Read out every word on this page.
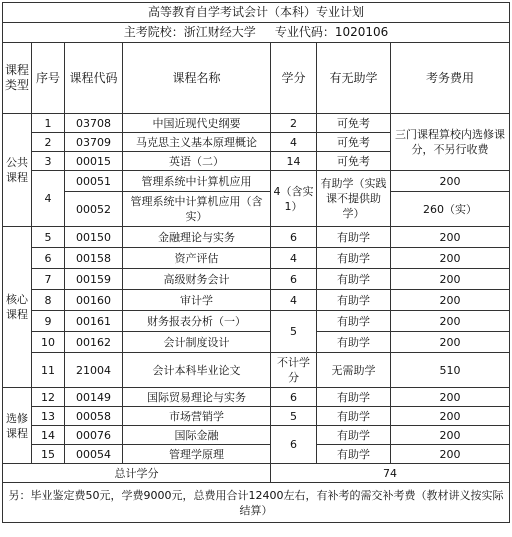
高等教育自学考试会计（本科）专业计划						
主考院校：浙江财经大学 专业代码：1020106						
课程类型	序号	课程代码	课程名称	学分	有无助学	考务费用
公共课程	1	03708	中国近现代史纲要	2	可免考	三门课程算校内选修课分，不另行收费
	2	03709	马克思主义基本原理概论	4	可免考	
	3	00015	英语（二）	14	可免考	
	4	00051	管理系统中计算机应用	4（含实1）	有助学（实践课不提供助学）	200
		00052	管理系统中计算机应用（含实）			260（实）
核心课程	5	00150	金融理论与实务	6	有助学	200
	6	00158	资产评估	4	有助学	200
	7	00159	高级财务会计	6	有助学	200
	8	00160	审计学	4	有助学	200
	9	00161	财务报表分析（一）	5	有助学	200
	10	00162	会计制度设计		有助学	200
	11	21004	会计本科毕业论文	不计学分	无需助学	510
选修课程	12	00149	国际贸易理论与实务	6	有助学	200
	13	00058	市场营销学	5	有助学	200
	14	00076	国际金融	6	有助学	200
	15	00054	管理学原理		有助学	200
总计学分				74		
另：毕业鉴定费50元，学费9000元，总费用合计12400左右，有补考的需交补考费（教材讲义按实际结算）						
